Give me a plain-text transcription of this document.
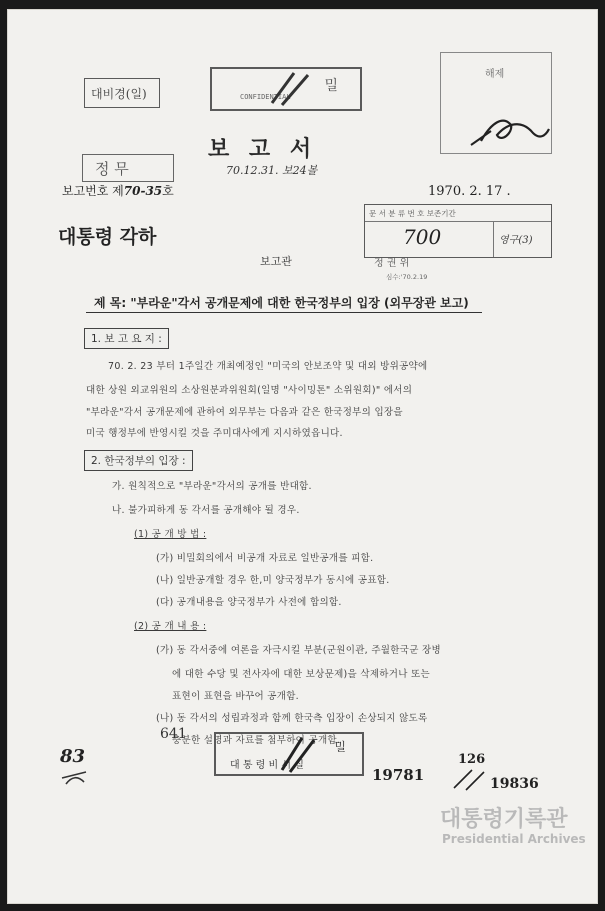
대비경(일)	밀
CONFIDENTIAL
해제
보 고 서
정 무	70.12.31. 보24볼
보고번호 제70-35호	1970. 2. 17 .
대통령 각하
문 서 분 류 번 호 보존기간
700	영구(3)
보고관	정 권 위
심수:'70.2.19
제 목: "부라운"각서 공개문제에 대한 한국정부의 입장 (외무장관 보고)
1. 보 고 요 지 :
70. 2. 23 부터 1주일간 개최예정인 "미국의 안보조약 및 대외 방위공약에
대한 상원 외교위원의 소상원분과위원회(일명 "사이밍톤" 소위원회)" 에서의
"부라운"각서 공개문제에 관하여 외무부는 다음과 같은 한국정부의 입장을
미국 행정부에 반영시킬 것을 주미대사에게 지시하였읍니다.
2. 한국정부의 입장 :
가. 원칙적으로 "부라운"각서의 공개를 반대함.
나. 불가피하게 동 각서를 공개해야 될 경우.
(1) 공 개 방 법 :
(가) 비밀회의에서 비공개 자료로 일반공개를 피함.
(나) 일반공개할 경우 한,미 양국정부가 동시에 공표함.
(다) 공개내용을 양국정부가 사전에 합의함.
(2) 공 개 내 용 :
(가) 동 각서중에 여론을 자극시킬 부분(군원이관, 주월한국군 장병
에 대한 수당 및 전사자에 대한 보상문제)을 삭제하거나 또는
표현이 표현을 바꾸어 공개함.
(나) 동 각서의 성립과정과 함께 한국측 입장이 손상되지 않도록
충분한 설명과 자료를 첨부하여 공개함.
641
83	밀
대 통 령 비 서 실
19781
126
19836
대통령기록관
Presidential Archives
